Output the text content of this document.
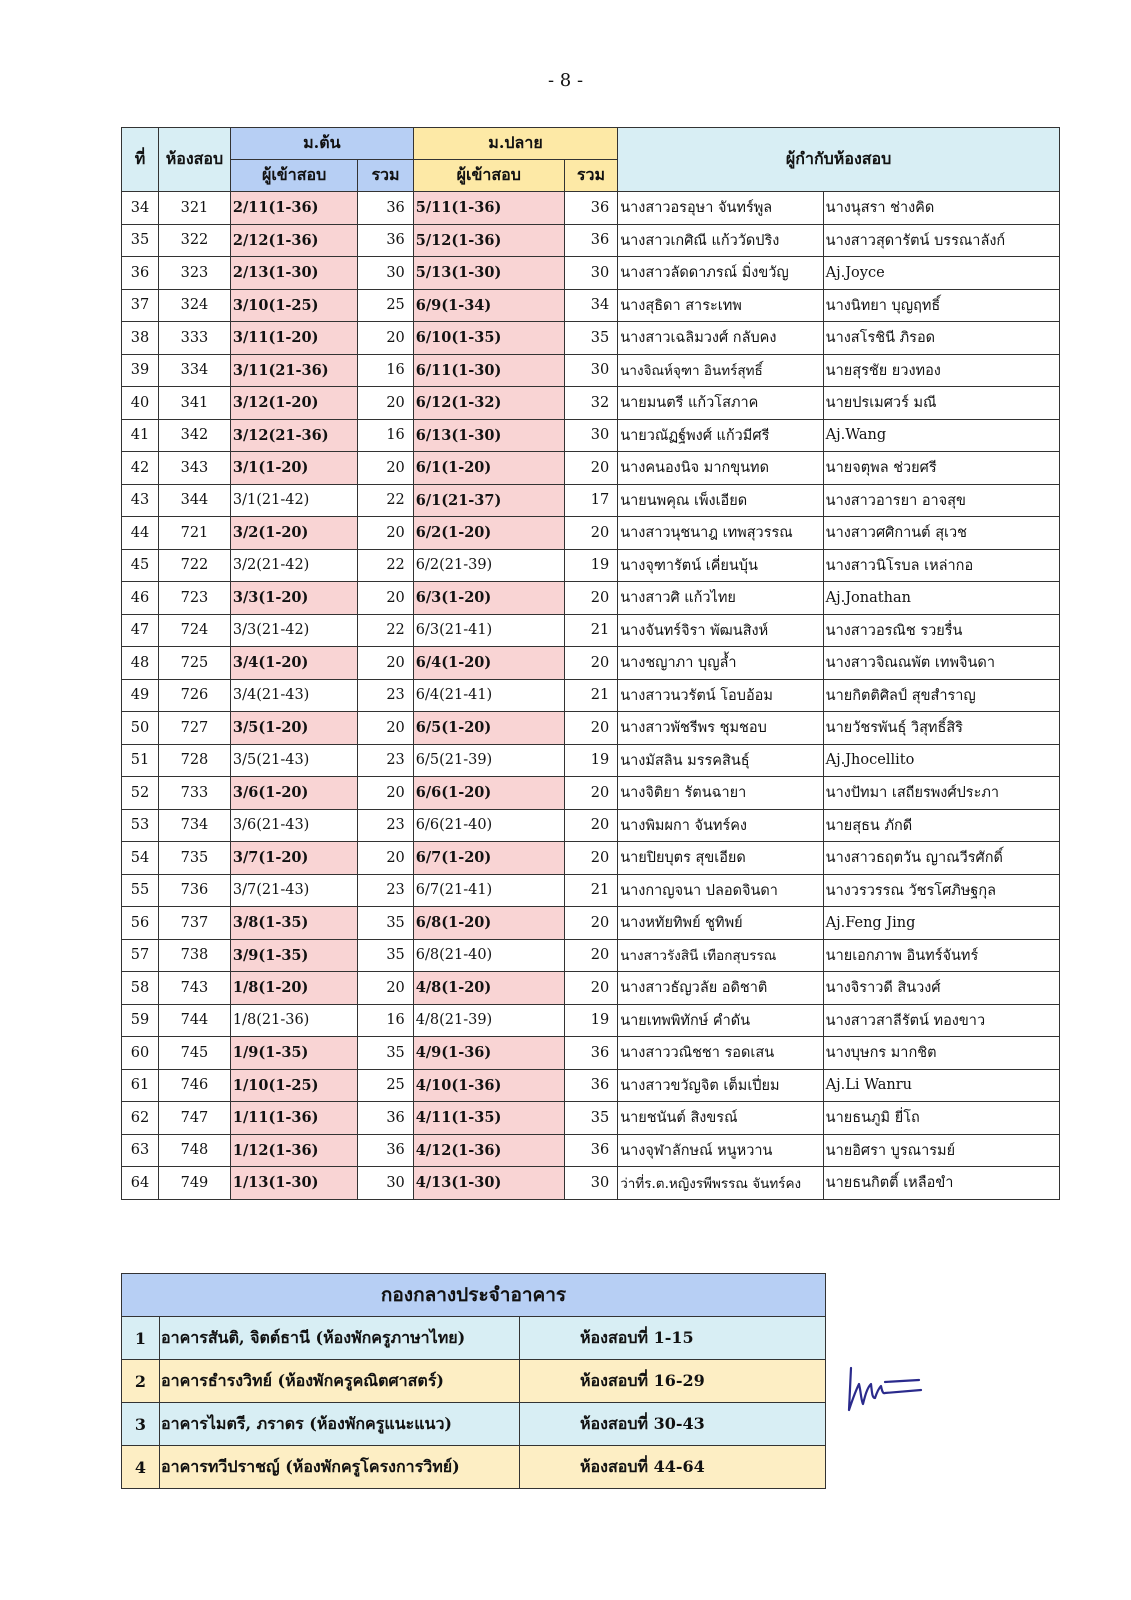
- 8 -
ที่	ห้องสอบ	ม.ต้น		ม.ปลาย		ผู้กำกับห้องสอบ	
		ผู้เข้าสอบ	รวม	ผู้เข้าสอบ	รวม		
34	321	2/11(1-36)	36	5/11(1-36)	36	นางสาวอรอุษา จันทร์พูล	นางนุสรา ช่างคิด
35	322	2/12(1-36)	36	5/12(1-36)	36	นางสาวเกศิณี แก้ววัดปริง	นางสาวสุดารัตน์ บรรณาลังก์
36	323	2/13(1-30)	30	5/13(1-30)	30	นางสาวลัดดาภรณ์ มิ่งขวัญ	Aj.Joyce
37	324	3/10(1-25)	25	6/9(1-34)	34	นางสุธิดา สาระเทพ	นางนิทยา บุญฤทธิ์
38	333	3/11(1-20)	20	6/10(1-35)	35	นางสาวเฉลิมวงศ์ กลับคง	นางสโรชินี ภิรอด
39	334	3/11(21-36)	16	6/11(1-30)	30	นางจิณห์จุฑา อินทร์สุทธิ์	นายสุรชัย ยวงทอง
40	341	3/12(1-20)	20	6/12(1-32)	32	นายมนตรี แก้วโสภาค	นายปรเมศวร์ มณี
41	342	3/12(21-36)	16	6/13(1-30)	30	นายวณัฏฐ์พงศ์ แก้วมีศรี	Aj.Wang
42	343	3/1(1-20)	20	6/1(1-20)	20	นางคนองนิจ มากขุนทด	นายจตุพล ช่วยศรี
43	344	3/1(21-42)	22	6/1(21-37)	17	นายนพคุณ เพ็งเอียด	นางสาวอารยา อาจสุข
44	721	3/2(1-20)	20	6/2(1-20)	20	นางสาวนุชนาฎ เทพสุวรรณ	นางสาวศศิกานต์ สุเวช
45	722	3/2(21-42)	22	6/2(21-39)	19	นางจุฑารัตน์ เคี่ยนบุ้น	นางสาวนิโรบล เหล่ากอ
46	723	3/3(1-20)	20	6/3(1-20)	20	นางสาวศิ แก้วไทย	Aj.Jonathan
47	724	3/3(21-42)	22	6/3(21-41)	21	นางจันทร์จิรา พัฒนสิงห์	นางสาวอรณิช รวยรื่น
48	725	3/4(1-20)	20	6/4(1-20)	20	นางชญาภา บุญล้ำ	นางสาวจิณณพัต เทพจินดา
49	726	3/4(21-43)	23	6/4(21-41)	21	นางสาวนวรัตน์ โอบอ้อม	นายกิตติศิลป์ สุขสำราญ
50	727	3/5(1-20)	20	6/5(1-20)	20	นางสาวพัชรีพร ชุมชอบ	นายวัชรพันธุ์ วิสุทธิ์สิริ
51	728	3/5(21-43)	23	6/5(21-39)	19	นางมัสลิน มรรคสินธุ์	Aj.Jhocellito
52	733	3/6(1-20)	20	6/6(1-20)	20	นางจิติยา รัตนฉายา	นางปัทมา เสถียรพงศ์ประภา
53	734	3/6(21-43)	23	6/6(21-40)	20	นางพิมผกา จันทร์คง	นายสุธน ภักดี
54	735	3/7(1-20)	20	6/7(1-20)	20	นายปิยบุตร สุขเอียด	นางสาวธฤตวัน ญาณวีรศักดิ์
55	736	3/7(21-43)	23	6/7(21-41)	21	นางกาญจนา ปลอดจินดา	นางวรวรรณ วัชรโศภิษฐกุล
56	737	3/8(1-35)	35	6/8(1-20)	20	นางหทัยทิพย์ ชูทิพย์	Aj.Feng Jing
57	738	3/9(1-35)	35	6/8(21-40)	20	นางสาวรังสินี เทือกสุบรรณ	นายเอกภาพ อินทร์จันทร์
58	743	1/8(1-20)	20	4/8(1-20)	20	นางสาวธัญวลัย อดิชาติ	นางจิราวดี สินวงศ์
59	744	1/8(21-36)	16	4/8(21-39)	19	นายเทพพิทักษ์ คำดัน	นางสาวสาลีรัตน์ ทองขาว
60	745	1/9(1-35)	35	4/9(1-36)	36	นางสาววณิชชา รอดเสน	นางบุษกร มากชิต
61	746	1/10(1-25)	25	4/10(1-36)	36	นางสาวขวัญจิต เต็มเปี่ยม	Aj.Li Wanru
62	747	1/11(1-36)	36	4/11(1-35)	35	นายชนันต์ สิงขรณ์	นายธนภูมิ ยี่โถ
63	748	1/12(1-36)	36	4/12(1-36)	36	นางจุฬาลักษณ์ หนูหวาน	นายอิศรา บูรณารมย์
64	749	1/13(1-30)	30	4/13(1-30)	30	ว่าที่ร.ต.หญิงรพีพรรณ จันทร์คง	นายธนกิตติ์ เหลือขำ
กองกลางประจำอาคาร		
1	อาคารสันติ, จิตต์ธานี (ห้องพักครูภาษาไทย)	ห้องสอบที่ 1-15
2	อาคารธำรงวิทย์ (ห้องพักครูคณิตศาสตร์)	ห้องสอบที่ 16-29
3	อาคารไมตรี, ภราดร (ห้องพักครูแนะแนว)	ห้องสอบที่ 30-43
4	อาคารทวีปราชญ์ (ห้องพักครูโครงการวิทย์)	ห้องสอบที่ 44-64
